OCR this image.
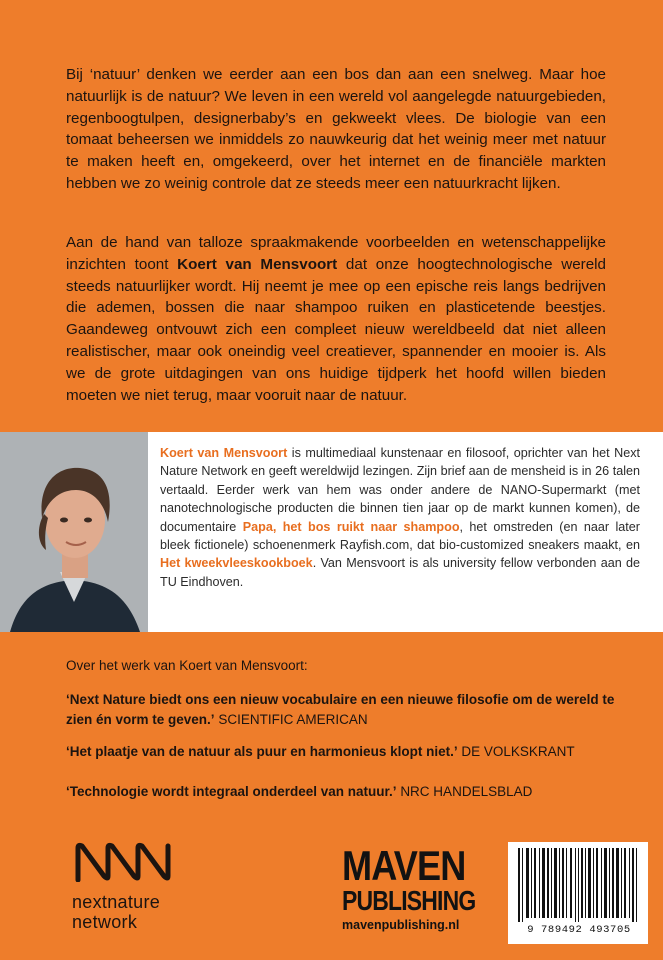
Bij ‘natuur’ denken we eerder aan een bos dan aan een snelweg. Maar hoe natuurlijk is de natuur? We leven in een wereld vol aangelegde natuurgebieden, regenboogtulpen, designerbaby’s en gekweekt vlees. De biologie van een tomaat beheersen we inmiddels zo nauwkeurig dat het weinig meer met natuur te maken heeft en, omgekeerd, over het internet en de financiële markten hebben we zo weinig controle dat ze steeds meer een natuurkracht lijken.

Aan de hand van talloze spraakmakende voorbeelden en wetenschappelijke inzichten toont Koert van Mensvoort dat onze hoogtechnologische wereld steeds natuurlijker wordt. Hij neemt je mee op een epische reis langs bedrijven die ademen, bossen die naar shampoo ruiken en plasticetende beestjes. Gaandeweg ontvouwt zich een compleet nieuw wereldbeeld dat niet alleen realistischer, maar ook oneindig veel creatiever, spannender en mooier is. Als we de grote uitdagingen van ons huidige tijdperk het hoofd willen bieden moeten we niet terug, maar vooruit naar de natuur.

Koert van Mensvoort is multimediaal kunstenaar en filosoof, oprichter van het Next Nature Network en geeft wereldwijd lezingen. Zijn brief aan de mensheid is in 26 talen vertaald. Eerder werk van hem was onder andere de NANO-Supermarkt (met nanotechnologische producten die binnen tien jaar op de markt kunnen komen), de documentaire Papa, het bos ruikt naar shampoo, het omstreden (en naar later bleek fictionele) schoenenmerk Rayfish.com, dat bio-customized sneakers maakt, en Het kweekvleeskookboek. Van Mensvoort is als university fellow verbonden aan de TU Eindhoven.

Over het werk van Koert van Mensvoort:

‘Next Nature biedt ons een nieuw vocabulaire en een nieuwe filosofie om de wereld te zien én vorm te geven.’ SCIENTIFIC AMERICAN

‘Het plaatje van de natuur als puur en harmonieus klopt niet.’ DE VOLKSKRANT

‘Technologie wordt integraal onderdeel van natuur.’ NRC HANDELSBLAD

nextnature
network
MAVEN
PUBLISHING
mavenpublishing.nl	9 789492 493705
